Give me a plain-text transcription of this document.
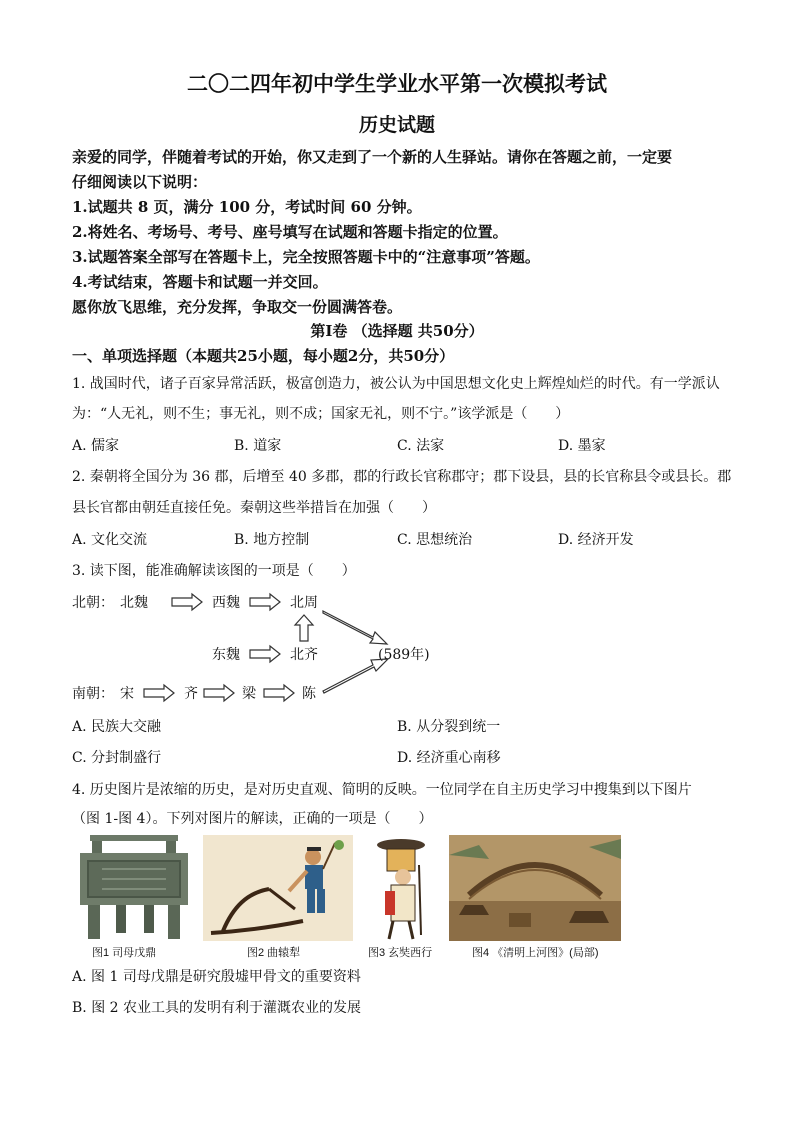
二〇二四年初中学生学业水平第一次模拟考试
历史试题
亲爱的同学，伴随着考试的开始，你又走到了一个新的人生驿站。请你在答题之前，一定要
仔细阅读以下说明：
1.试题共 8 页，满分 100 分，考试时间 60 分钟。
2.将姓名、考场号、考号、座号填写在试题和答题卡指定的位置。
3.试题答案全部写在答题卡上，完全按照答题卡中的“注意事项”答题。
4.考试结束，答题卡和试题一并交回。
愿你放飞思维，充分发挥，争取交一份圆满答卷。
第Ⅰ卷 （选择题 共50分）
一、单项选择题（本题共25小题，每小题2分，共50分）
1. 战国时代，诸子百家异常活跃，极富创造力，被公认为中国思想文化史上辉煌灿烂的时代。有一学派认
为：“人无礼，则不生；事无礼，则不成；国家无礼，则不宁。”该学派是（　　）
A. 儒家	B. 道家	C. 法家	D. 墨家
2. 秦朝将全国分为 36 郡，后增至 40 多郡，郡的行政长官称郡守；郡下设县，县的长官称县令或县长。郡
县长官都由朝廷直接任免。秦朝这些举措旨在加强（　　）
A. 文化交流	B. 地方控制	C. 思想统治	D. 经济开发
3. 读下图，能准确解读该图的一项是（　　）
北朝： 北魏	西魏	北周
东魏	北齐	(589年)
南朝： 宋	齐	梁	陈
A. 民族大交融	B. 从分裂到统一
C. 分封制盛行	D. 经济重心南移
4. 历史图片是浓缩的历史，是对历史直观、简明的反映。一位同学在自主历史学习中搜集到以下图片
（图 1-图 4）。下列对图片的解读，正确的一项是（　　）
图1 司母戊鼎	图2 曲辕犁	图3 玄奘西行	图4 《清明上河图》(局部)
A. 图 1 司母戊鼎是研究殷墟甲骨文的重要资料
B. 图 2 农业工具的发明有利于灌溉农业的发展
